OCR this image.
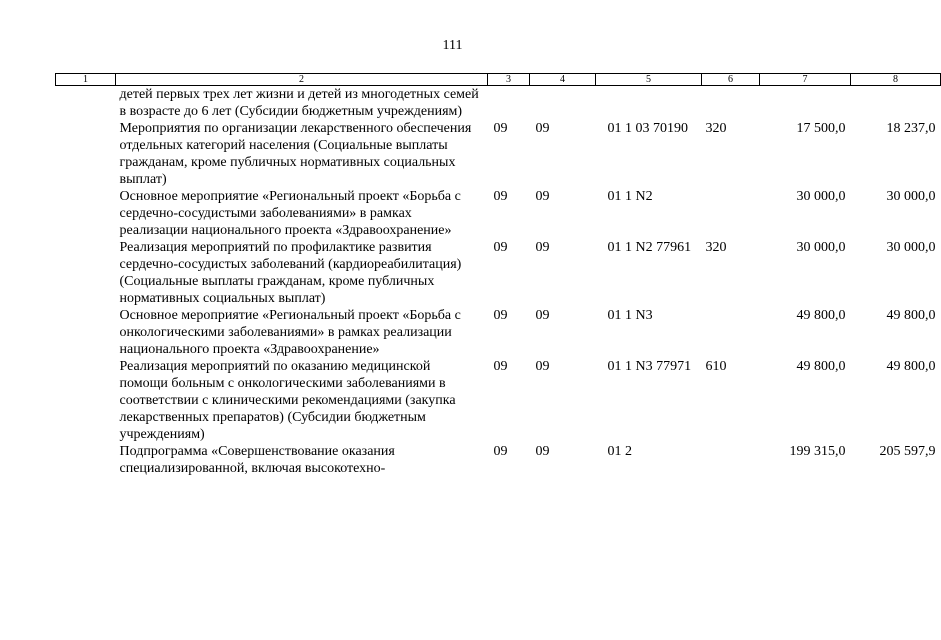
111
1	2	3	4	5	6	7	8
	детей первых трех лет жизни и детей из многодетных семей в возрасте до 6 лет (Субсидии бюджетным учреждениям)						
	Мероприятия по организации лекарственного обеспечения отдельных категорий населения (Социальные выплаты гражданам, кроме публичных нормативных социальных выплат)	09	09	01 1 03 70190	320	17 500,0	18 237,0
	Основное мероприятие «Региональный проект «Борьба с сердечно-сосудистыми заболеваниями» в рамках реализации национального проекта «Здравоохранение»	09	09	01 1 N2		30 000,0	30 000,0
	Реализация мероприятий по профилактике развития сердечно-сосудистых заболеваний (кардиореабилитация) (Социальные выплаты гражданам, кроме публичных нормативных социальных выплат)	09	09	01 1 N2 77961	320	30 000,0	30 000,0
	Основное мероприятие «Региональный проект «Борьба с онкологическими заболеваниями» в рамках реализации национального проекта «Здравоохранение»	09	09	01 1 N3		49 800,0	49 800,0
	Реализация мероприятий по оказанию медицинской помощи больным с онкологическими заболеваниями в соответствии с клиническими рекомендациями (закупка лекарственных препаратов) (Субсидии бюджетным учреждениям)	09	09	01 1 N3 77971	610	49 800,0	49 800,0
	Подпрограмма «Совершенствование оказания специализированной, включая высокотехно-	09	09	01 2		199 315,0	205 597,9
